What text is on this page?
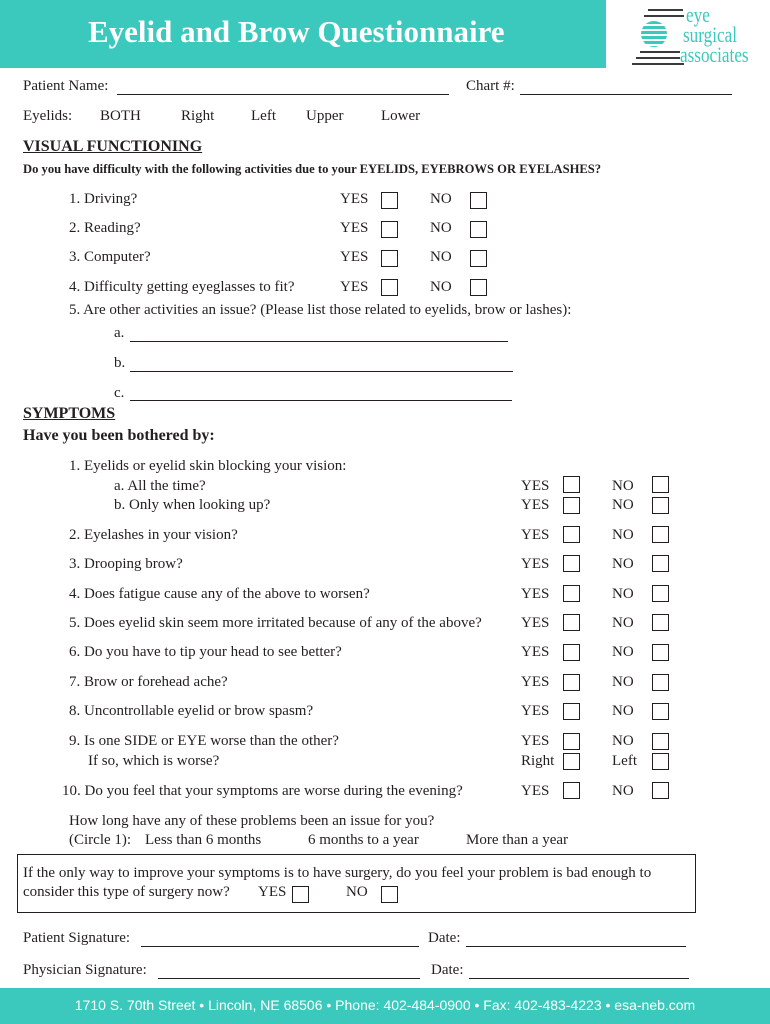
Eyelid and Brow Questionnaire	eye
surgical
associates
Patient Name:	Chart #:
Eyelids: BOTH	Right Left Upper	Lower
VISUAL FUNCTIONING
Do you have difficulty with the following activities due to your EYELIDS, EYEBROWS OR EYELASHES?
1. Driving?	YES	NO
2. Reading?	YES	NO
3. Computer?	YES	NO
4. Difficulty getting eyeglasses to fit?	YES	NO
5. Are other activities an issue? (Please list those related to eyelids, brow or lashes):
a.
b.
c.
SYMPTOMS
Have you been bothered by:
1. Eyelids or eyelid skin blocking your vision:
a. All the time?	YES	NO
b. Only when looking up?	YES	NO
2. Eyelashes in your vision?	YES	NO
3. Drooping brow?	YES	NO
4. Does fatigue cause any of the above to worsen?	YES	NO
5. Does eyelid skin seem more irritated because of any of the above?	YES	NO
6. Do you have to tip your head to see better?	YES	NO
7. Brow or forehead ache?	YES	NO
8. Uncontrollable eyelid or brow spasm?	YES	NO
9. Is one SIDE or EYE worse than the other?	YES	NO
If so, which is worse?	Right	Left
10. Do you feel that your symptoms are worse during the evening?	YES	NO
How long have any of these problems been an issue for you?
(Circle 1): Less than 6 months	6 months to a year	More than a year
If the only way to improve your symptoms is to have surgery, do you feel your problem is bad enough to
consider this type of surgery now? YES	NO
Patient Signature:	Date:
Physician Signature:	Date:
1710 S. 70th Street • Lincoln, NE 68506 • Phone: 402-484-0900 • Fax: 402-483-4223 • esa-neb.com
